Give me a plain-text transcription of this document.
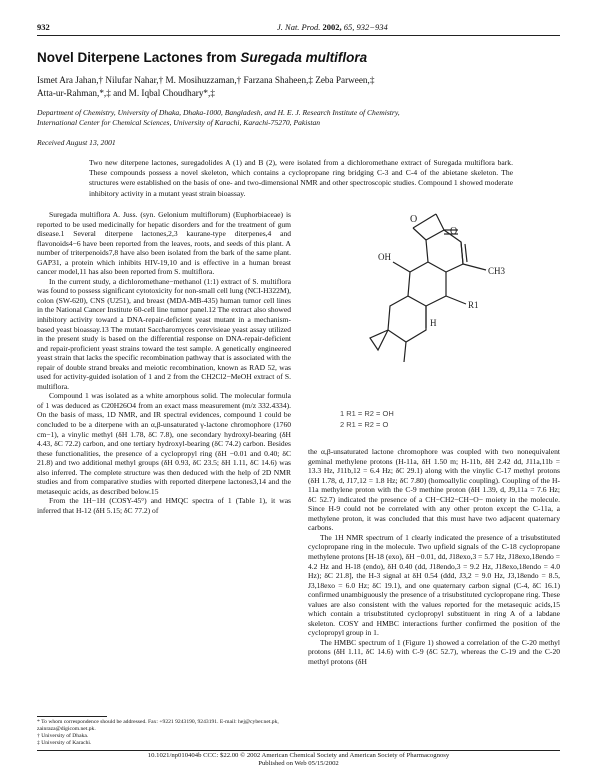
932	J. Nat. Prod. 2002, 65, 932−934
Novel Diterpene Lactones from Suregada multiflora
Ismet Ara Jahan,† Nilufar Nahar,† M. Mosihuzzaman,† Farzana Shaheen,‡ Zeba Parween,‡
Atta-ur-Rahman,*,‡ and M. Iqbal Choudhary*,‡
Department of Chemistry, University of Dhaka, Dhaka-1000, Bangladesh, and H. E. J. Research Institute of Chemistry,
International Center for Chemical Sciences, University of Karachi, Karachi-75270, Pakistan
Received August 13, 2001
Two new diterpene lactones, suregadolides A (1) and B (2), were isolated from a dichloromethane extract of Suregada multiflora bark. These compounds possess a novel skeleton, which contains a cyclopropane ring bridging C-3 and C-4 of the abietane skeleton. The structures were established on the basis of one- and two-dimensional NMR and other spectroscopic studies. Compound 1 showed moderate inhibitory activity in a mutant yeast strain bioassay.

Suregada multiflora A. Juss. (syn. Gelonium multiflorum) (Euphorbiaceae) is reported to be used medicinally for hepatic disorders and for the treatment of gum disease.1 Several diterpene lactones,2,3 kaurane-type diterpenes,4 and flavonoids4−6 have been reported from the leaves, roots, and seeds of this plant. A number of triterpenoids7,8 have also been isolated from the bark of the same plant. GAP31, a protein which inhibits HIV-19,10 and is effective in a human breast cancer model,11 has also been reported from S. multiflora.

In the current study, a dichloromethane−methanol (1:1) extract of S. multiflora was found to possess significant cytotoxicity for non-small cell lung (NCI-H322M), colon (SW-620), CNS (U251), and breast (MDA-MB-435) human tumor cell lines in the National Cancer Institute 60-cell line tumor panel.12 The extract also showed inhibitory activity toward a DNA-repair-deficient yeast mutant in a mechanism-based yeast bioassay.13 The mutant Saccharomyces cerevisieae yeast assay utilized in the present study is based on the differential response on DNA-repair-deficient and repair-proficient yeast strains toward the test sample. A genetically engineered yeast strain that lacks the specific recombination pathway that is associated with the repair of double strand breaks and meiotic recombination, known as RAD 52, was used for activity-guided isolation of 1 and 2 from the CH2Cl2−MeOH extract of S. multiflora.

Compound 1 was isolated as a white amorphous solid. The molecular formula of 1 was deduced as C20H26O4 from an exact mass measurement (m/z 332.4334). On the basis of mass, 1D NMR, and IR spectral evidences, compound 1 could be concluded to be a diterpene with an α,β-unsaturated γ-lactone chromophore (1760 cm−1), a vinylic methyl (δH 1.78, δC 7.8), one secondary hydroxyl-bearing (δH 4.43, δC 72.2) carbon, and one tertiary hydroxyl-bearing (δC 74.2) carbon. Besides these functionalities, the presence of a cyclopropyl ring (δH −0.01 and 0.40; δC 21.8) and two additional methyl groups (δH 0.93, δC 23.5; δH 1.11, δC 14.6) was also inferred. The complete structure was then deduced with the help of 2D NMR studies and from comparative studies with reported diterpene lactones3,14 and the metasequic acids, as described below.15

From the 1H−1H (COSY-45°) and HMQC spectra of 1 (Table 1), it was inferred that H-12 (δH 5.15; δC 77.2) of

O
O
CH3
OH
R1
H
1 R1 = R2 = OH
2 R1 = R2 = O

the α,β-unsaturated lactone chromophore was coupled with two nonequivalent geminal methylene protons (H-11a, δH 1.50 m; H-11b, δH 2.42 dd, J11a,11b = 13.3 Hz, J11b,12 = 6.4 Hz; δC 29.1) along with the vinylic C-17 methyl protons (δH 1.78, d, J17,12 = 1.8 Hz; δC 7.80) (homoallylic coupling). Coupling of the H-11a methylene proton with the C-9 methine proton (δH 1.39, d, J9,11a = 7.6 Hz; δC 52.7) indicated the presence of a CH−CH2−CH−O− moiety in the molecule. Since H-9 could not be correlated with any other proton except the C-11a, a methylene proton, it was concluded that this must have two adjacent quaternary carbons.

The 1H NMR spectrum of 1 clearly indicated the presence of a trisubstituted cyclopropane ring in the molecule. Two upfield signals of the C-18 cyclopropane methylene protons [H-18 (exo), δH −0.01, dd, J18exo,3 = 5.7 Hz, J18exo,18endo = 4.2 Hz and H-18 (endo), δH 0.40 (dd, J18endo,3 = 9.2 Hz, J18exo,18endo = 4.0 Hz); δC 21.8], the H-3 signal at δH 0.54 (ddd, J3,2 = 9.0 Hz, J3,18endo = 8.5, J3,18exo = 6.0 Hz; δC 19.1), and one quaternary carbon signal (C-4, δC 16.1) confirmed unambiguously the presence of a trisubstituted cyclopropane ring. These values are also consistent with the values reported for the metasequic acids,15 which contain a trisubstituted cyclopropyl substituent in ring A of a labdane skeleton. COSY and HMBC interactions further confirmed the position of the cyclopropyl group in 1.

The HMBC spectrum of 1 (Figure 1) showed a correlation of the C-20 methyl protons (δH 1.11, δC 14.6) with C-9 (δC 52.7), whereas the C-19 and the C-20 methyl protons (δH

* To whom correspondence should be addressed. Fax: +9221 9243190, 9243191. E-mail: hej@cyber.net.pk, zainraza@digicom.net.pk.
† University of Dhaka.
‡ University of Karachi.
10.1021/np010404b CCC: $22.00 © 2002 American Chemical Society and American Society of Pharmacognosy
Published on Web 05/15/2002
